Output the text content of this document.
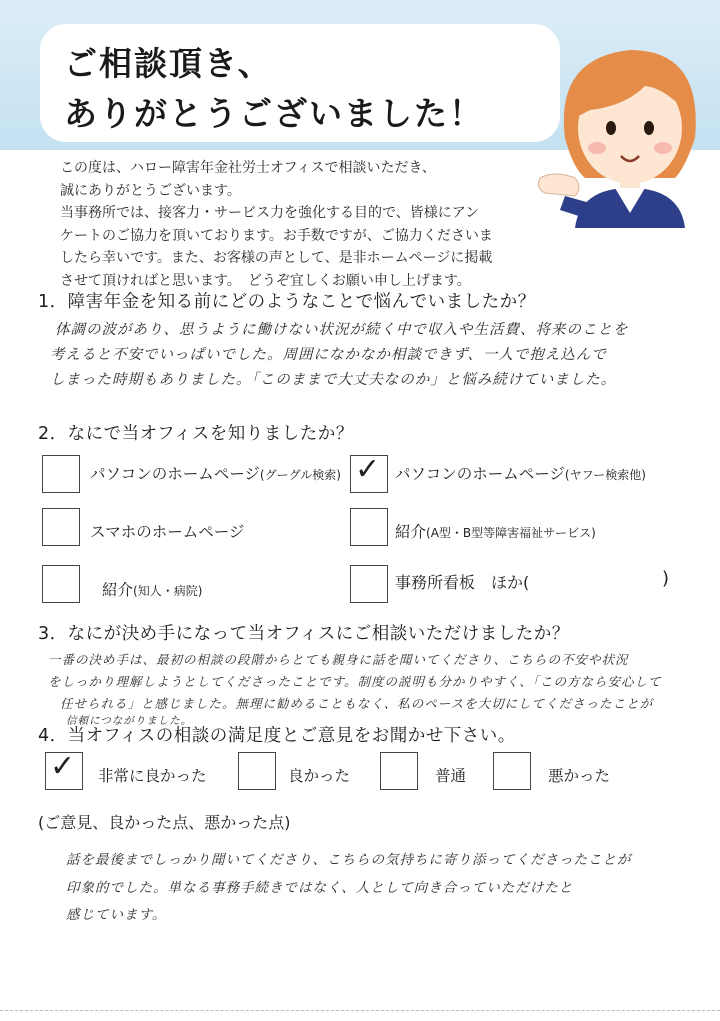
ご相談頂き、
ありがとうございました！

この度は、ハロー障害年金社労士オフィスで相談いただき、

誠にありがとうございます。

当事務所では、接客力・サービス力を強化する目的で、皆様にアン

ケートのご協力を頂いております。お手数ですが、ご協力くださいま

したら幸いです。また、お客様の声として、是非ホームページに掲載

させて頂ければと思います。　どうぞ宜しくお願い申し上げます。

1．障害年金を知る前にどのようなことで悩んでいましたか？
体調の波があり、思うように働けない状況が続く中で収入や生活費、将来のことを
考えると不安でいっぱいでした。周囲になかなか相談できず、一人で抱え込んで
しまった時期もありました。「このままで大丈夫なのか」と悩み続けていました。
2．なにで当オフィスを知りましたか？
パソコンのホームページ(グーグル検索) ✓ パソコンのホームページ(ヤフー検索他)
スマホのホームページ	紹介(A型・B型等障害福祉サービス)
紹介(知人・病院)	事務所看板　ほか(	)
3．なにが決め手になって当オフィスにご相談いただけましたか？
一番の決め手は、最初の相談の段階からとても親身に話を聞いてくださり、こちらの不安や状況
をしっかり理解しようとしてくださったことです。制度の説明も分かりやすく、「この方なら安心して
任せられる」と感じました。無理に勧めることもなく、私のペースを大切にしてくださったことが
信頼につながりました。
4．当オフィスの相談の満足度とご意見をお聞かせ下さい。
✓ 非常に良かった	良かった	普通	悪かった
(ご意見、良かった点、悪かった点)
話を最後までしっかり聞いてくださり、こちらの気持ちに寄り添ってくださったことが
印象的でした。単なる事務手続きではなく、人として向き合っていただけたと
感じています。
